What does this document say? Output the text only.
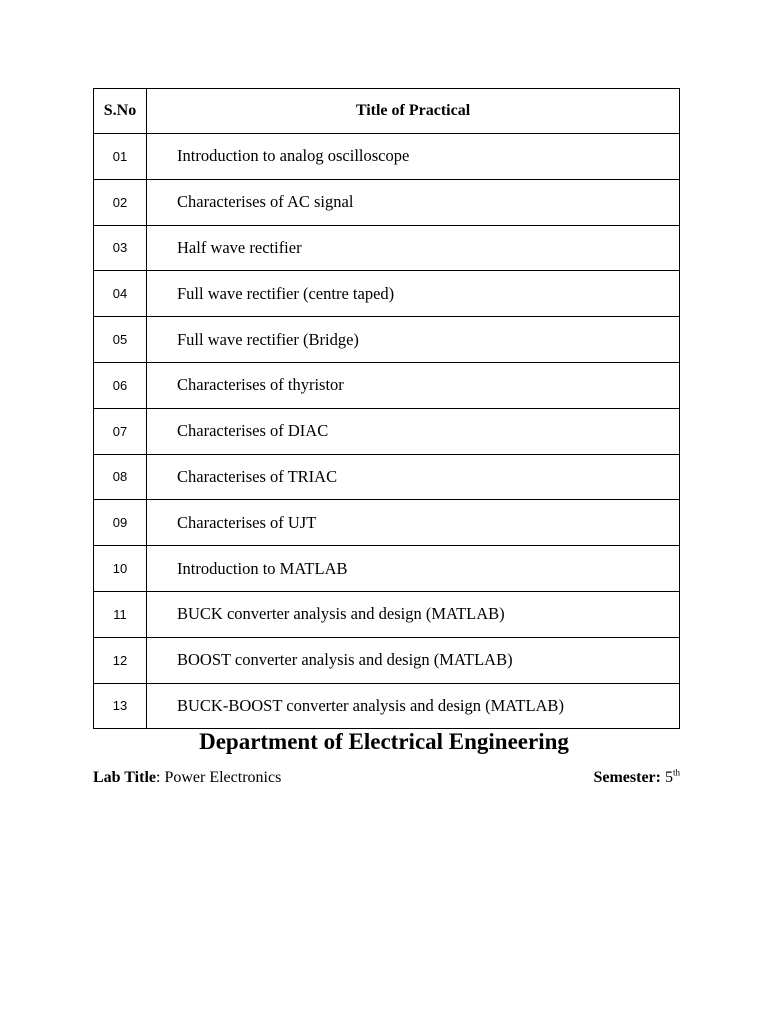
S.No	Title of Practical
01	Introduction to analog oscilloscope
02	Characterises of AC signal
03	Half wave rectifier
04	Full wave rectifier (centre taped)
05	Full wave rectifier (Bridge)
06	Characterises of thyristor
07	Characterises of DIAC
08	Characterises of TRIAC
09	Characterises of UJT
10	Introduction to MATLAB
11	BUCK converter analysis and design (MATLAB)
12	BOOST converter analysis and design (MATLAB)
13	BUCK-BOOST converter analysis and design (MATLAB)
Department of Electrical Engineering
Lab Title: Power Electronics	Semester: 5th
